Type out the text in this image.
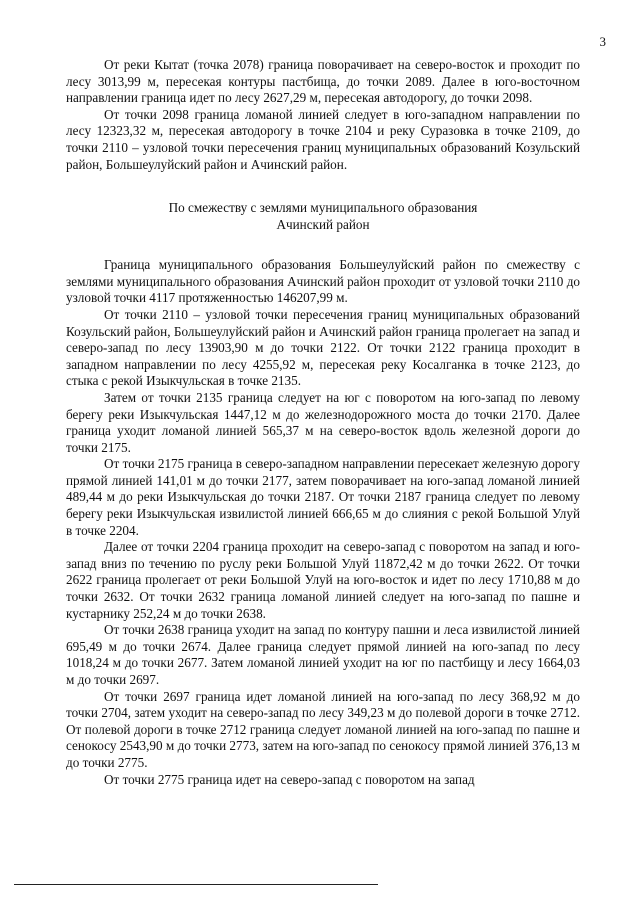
3

От реки Кытат (точка 2078) граница поворачивает на северо-восток и проходит по лесу 3013,99 м, пересекая контуры пастбища, до точки 2089. Далее в юго-восточном направлении граница идет по лесу 2627,29 м, пересекая автодорогу, до точки 2098.

От точки 2098 граница ломаной линией следует в юго-западном направлении по лесу 12323,32 м, пересекая автодорогу в точке 2104 и реку Суразовка в точке 2109, до точки 2110 – узловой точки пересечения границ муниципальных образований Козульский район, Большеулуйский район и Ачинский район.

По смежеству с землями муниципального образования
Ачинский район

Граница муниципального образования Большеулуйский район по смежеству с землями муниципального образования Ачинский район проходит от узловой точки 2110 до узловой точки 4117 протяженностью 146207,99 м.

От точки 2110 – узловой точки пересечения границ муниципальных образований Козульский район, Большеулуйский район и Ачинский район граница пролегает на запад и северо-запад по лесу 13903,90 м до точки 2122. От точки 2122 граница проходит в западном направлении по лесу 4255,92 м, пересекая реку Косалганка в точке 2123, до стыка с рекой Изыкчульская в точке 2135.

Затем от точки 2135 граница следует на юг с поворотом на юго-запад по левому берегу реки Изыкчульская 1447,12 м до железнодорожного моста до точки 2170. Далее граница уходит ломаной линией 565,37 м на северо-восток вдоль железной дороги до точки 2175.

От точки 2175 граница в северо-западном направлении пересекает железную дорогу прямой линией 141,01 м до точки 2177, затем поворачивает на юго-запад ломаной линией 489,44 м до реки Изыкчульская до точки 2187. От точки 2187 граница следует по левому берегу реки Изыкчульская извилистой линией 666,65 м до слияния с рекой Большой Улуй в точке 2204.

Далее от точки 2204 граница проходит на северо-запад с поворотом на запад и юго-запад вниз по течению по руслу реки Большой Улуй 11872,42 м до точки 2622. От точки 2622 граница пролегает от реки Большой Улуй на юго-восток и идет по лесу 1710,88 м до точки 2632. От точки 2632 граница ломаной линией следует на юго-запад по пашне и кустарнику 252,24 м до точки 2638.

От точки 2638 граница уходит на запад по контуру пашни и леса извилистой линией 695,49 м до точки 2674. Далее граница следует прямой линией на юго-запад по лесу 1018,24 м до точки 2677. Затем ломаной линией уходит на юг по пастбищу и лесу 1664,03 м до точки 2697.

От точки 2697 граница идет ломаной линией на юго-запад по лесу 368,92 м до точки 2704, затем уходит на северо-запад по лесу 349,23 м до полевой дороги в точке 2712. От полевой дороги в точке 2712 граница следует ломаной линией на юго-запад по пашне и сенокосу 2543,90 м до точки 2773, затем на юго-запад по сенокосу прямой линией 376,13 м до точки 2775.

От точки 2775 граница идет на северо-запад с поворотом на запад
